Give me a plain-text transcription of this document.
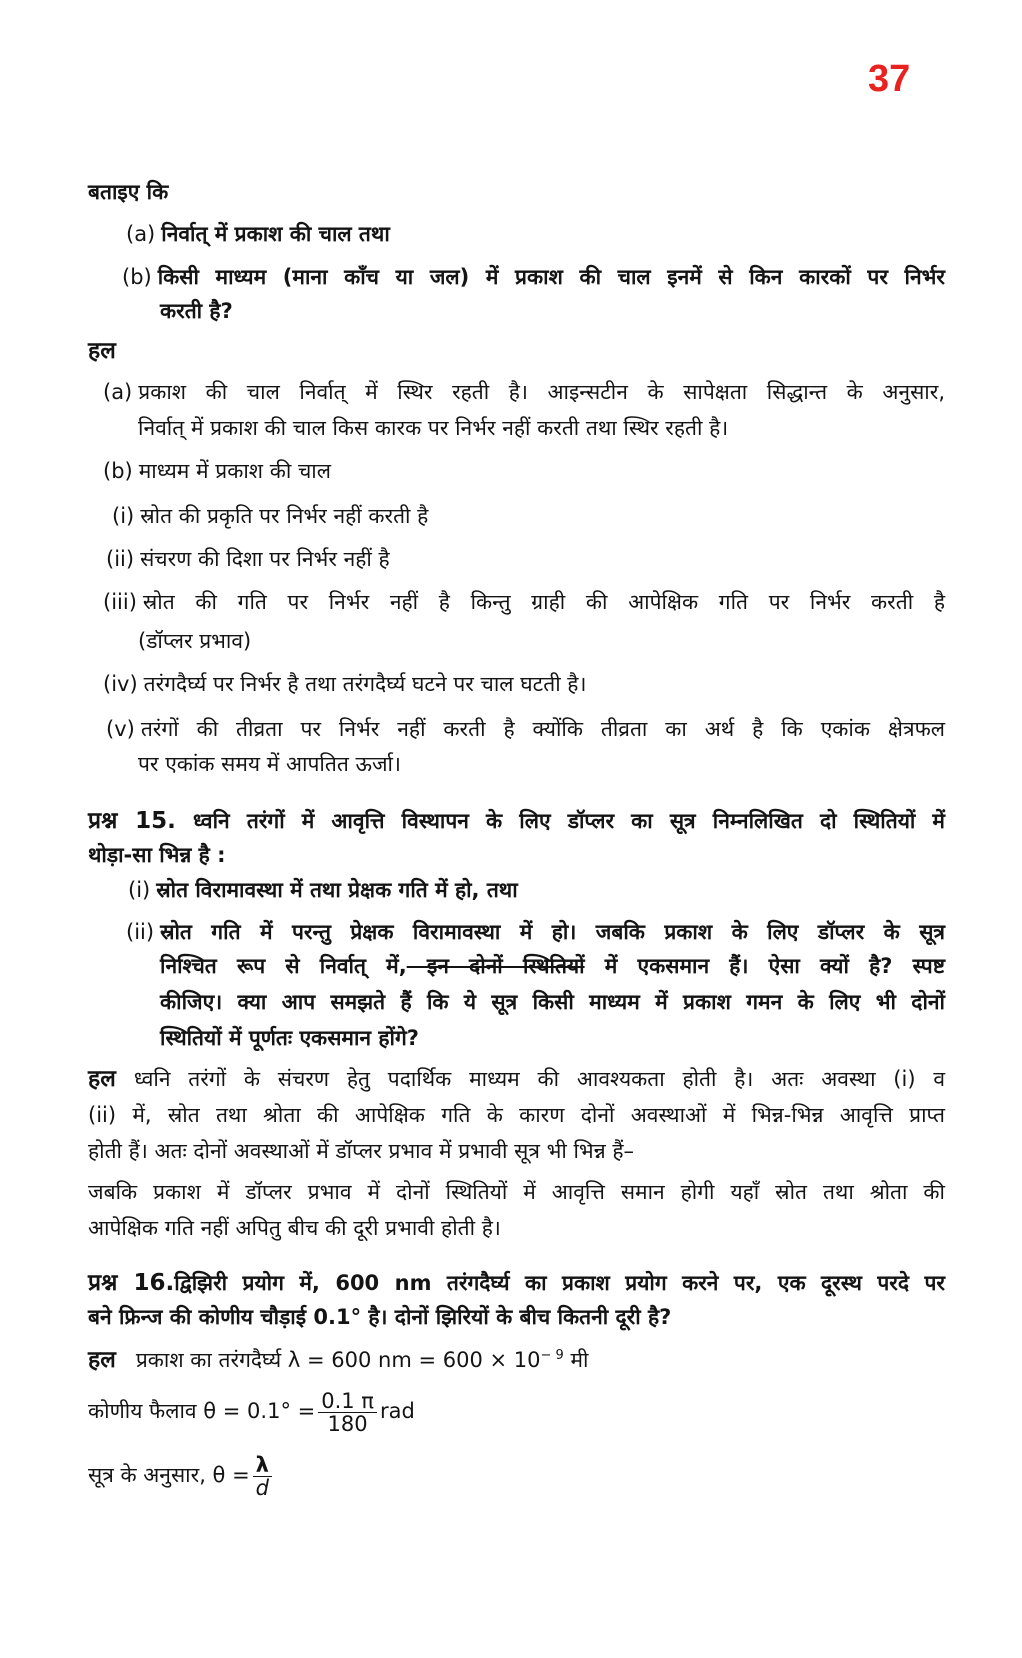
37
बताइए कि
(a) निर्वात् में प्रकाश की चाल तथा
(b) किसी माध्यम (माना काँच या जल) में प्रकाश की चाल इनमें से किन कारकों पर निर्भर
करती है?
हल
(a) प्रकाश की चाल निर्वात् में स्थिर रहती है। आइन्सटीन के सापेक्षता सिद्धान्त के अनुसार,
निर्वात् में प्रकाश की चाल किस कारक पर निर्भर नहीं करती तथा स्थिर रहती है।
(b) माध्यम में प्रकाश की चाल
(i) स्रोत की प्रकृति पर निर्भर नहीं करती है
(ii) संचरण की दिशा पर निर्भर नहीं है
(iii) स्रोत की गति पर निर्भर नहीं है किन्तु ग्राही की आपेक्षिक गति पर निर्भर करती है
(डॉप्लर प्रभाव)
(iv) तरंगदैर्घ्य पर निर्भर है तथा तरंगदैर्घ्य घटने पर चाल घटती है।
(v) तरंगों की तीव्रता पर निर्भर नहीं करती है क्योंकि तीव्रता का अर्थ है कि एकांक क्षेत्रफल
पर एकांक समय में आपतित ऊर्जा।
प्रश्न 15. ध्वनि तरंगों में आवृत्ति विस्थापन के लिए डॉप्लर का सूत्र निम्नलिखित दो स्थितियों में
थोड़ा-सा भिन्न है :
(i) स्रोत विरामावस्था में तथा प्रेक्षक गति में हो, तथा
(ii) स्रोत गति में परन्तु प्रेक्षक विरामावस्था में हो। जबकि प्रकाश के लिए डॉप्लर के सूत्र
निश्चित रूप से निर्वात् में, इन दोनों स्थितियों में एकसमान हैं। ऐसा क्यों है? स्पष्ट
कीजिए। क्या आप समझते हैं कि ये सूत्र किसी माध्यम में प्रकाश गमन के लिए भी दोनों
स्थितियों में पूर्णतः एकसमान होंगे?
हल ध्वनि तरंगों के संचरण हेतु पदार्थिक माध्यम की आवश्यकता होती है। अतः अवस्था (i) व
(ii) में, स्रोत तथा श्रोता की आपेक्षिक गति के कारण दोनों अवस्थाओं में भिन्न-भिन्न आवृत्ति प्राप्त
होती हैं। अतः दोनों अवस्थाओं में डॉप्लर प्रभाव में प्रभावी सूत्र भी भिन्न हैं–
जबकि प्रकाश में डॉप्लर प्रभाव में दोनों स्थितियों में आवृत्ति समान होगी यहाँ स्रोत तथा श्रोता की
आपेक्षिक गति नहीं अपितु बीच की दूरी प्रभावी होती है।
प्रश्न 16.द्विझिरी प्रयोग में, 600 nm तरंगदैर्घ्य का प्रकाश प्रयोग करने पर, एक दूरस्थ परदे पर
बने फ्रिन्ज की कोणीय चौड़ाई 0.1° है। दोनों झिरियों के बीच कितनी दूरी है?
हल प्रकाश का तरंगदैर्घ्य λ = 600 nm = $600 \times 10^{- 9}$ मी
कोणीय फैलाव $\theta = 0.1^\circ = \frac{0.1 \pi}{180}$ rad
सूत्र के अनुसार, $\theta = \frac{\lambda}{d}$
